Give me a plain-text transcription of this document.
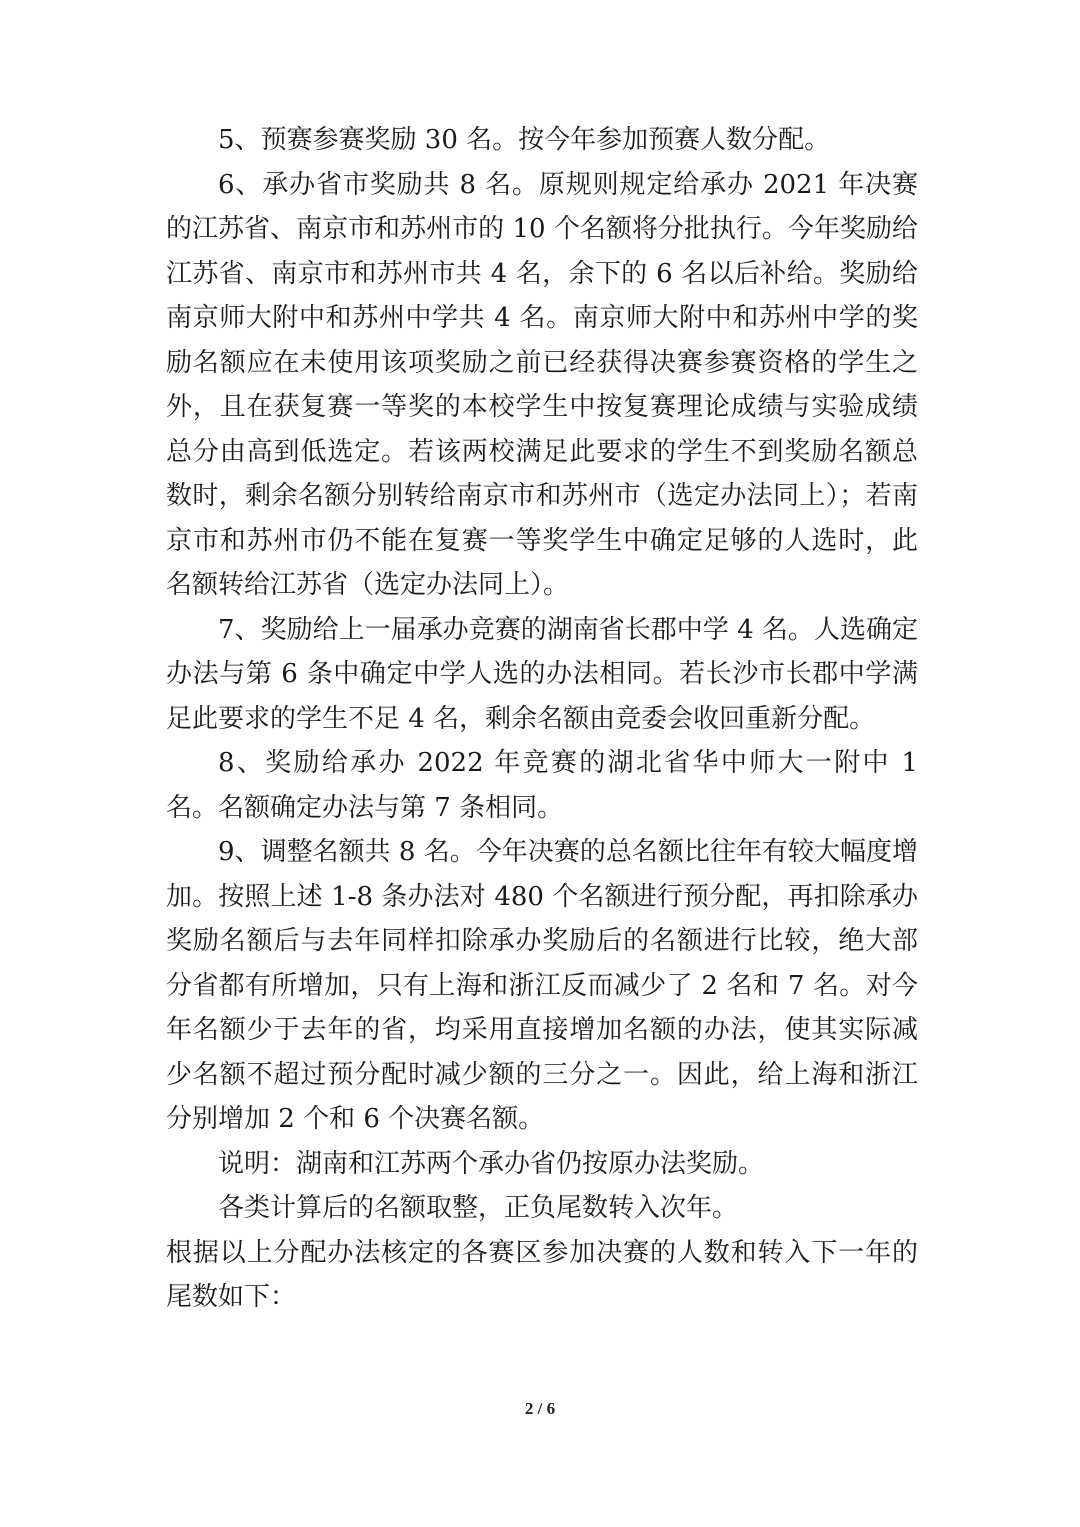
5、预赛参赛奖励 30 名。按今年参加预赛人数分配。

6、承办省市奖励共 8 名。原规则规定给承办 2021 年决赛的江苏省、南京市和苏州市的 10 个名额将分批执行。今年奖励给江苏省、南京市和苏州市共 4 名，余下的 6 名以后补给。奖励给南京师大附中和苏州中学共 4 名。南京师大附中和苏州中学的奖励名额应在未使用该项奖励之前已经获得决赛参赛资格的学生之外，且在获复赛一等奖的本校学生中按复赛理论成绩与实验成绩总分由高到低选定。若该两校满足此要求的学生不到奖励名额总数时，剩余名额分别转给南京市和苏州市（选定办法同上）；若南京市和苏州市仍不能在复赛一等奖学生中确定足够的人选时，此名额转给江苏省（选定办法同上）。

7、奖励给上一届承办竞赛的湖南省长郡中学 4 名。人选确定办法与第 6 条中确定中学人选的办法相同。若长沙市长郡中学满足此要求的学生不足 4 名，剩余名额由竞委会收回重新分配。

8、奖励给承办 2022 年竞赛的湖北省华中师大一附中 1 名。名额确定办法与第 7 条相同。

9、调整名额共 8 名。今年决赛的总名额比往年有较大幅度增加。按照上述 1-8 条办法对 480 个名额进行预分配，再扣除承办奖励名额后与去年同样扣除承办奖励后的名额进行比较，绝大部分省都有所增加，只有上海和浙江反而减少了 2 名和 7 名。对今年名额少于去年的省，均采用直接增加名额的办法，使其实际减少名额不超过预分配时减少额的三分之一。因此，给上海和浙江分别增加 2 个和 6 个决赛名额。

说明：湖南和江苏两个承办省仍按原办法奖励。

各类计算后的名额取整，正负尾数转入次年。

根据以上分配办法核定的各赛区参加决赛的人数和转入下一年的尾数如下：

2 / 6
